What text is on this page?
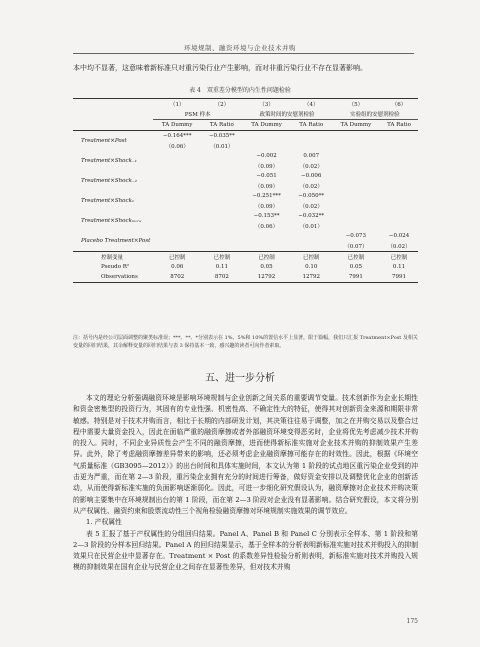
环境规制、融资环境与企业技术并购
本中均不显著，这意味着新标准只对重污染行业产生影响，而对非重污染行业不存在显著影响。
表 4　双重差分模型的内生性问题检验
	（1）	（2）	（3）	（4）	（5）	（6）
	PSM 样本		政策时间的安慰剂检验		实验组的安慰剂检验	
	TA Dummy	TA Ratio	TA Dummy	TA Ratio	TA Dummy	TA Ratio
Treatment×Post	−0.164***	−0.035**				
	（0.06）	（0.01）				
Treatment×Shock₋₁			−0.002	0.007		
			（0.09）	（0.02）		
Treatment×Shock₋₂			−0.051	−0.006		
			（0.09）	（0.02）		
Treatment×Shock₁			−0.251***	−0.050**		
			（0.09）	（0.02）		
Treatment×Shockₘₒᵣₑ			−0.153**	−0.032**		
			（0.06）	（0.01）		
Placebo Treatment×Post					−0.073	−0.024
					（0.07）	（0.02）
控制变量	已控制	已控制	已控制	已控制	已控制	已控制
Pseudo R²	0.06	0.11	0.05	0.10	0.05	0.11
Observations	8702	8702	12792	12792	7991	7991
注：括号内是经公司层面调整的聚类标准误；***、**、*分别表示在 1%、5%和 10%的置信水平上显著，限于篇幅，我们只汇报 Treatment×Post 及相关变量的回归结果，其余解释变量的回归结果与表 3 保持基本一致，感兴趣的读者可向作者索取。
五、进一步分析

本文的理论分析强调融资环境是影响环境规制与企业创新之间关系的重要调节变量。技术创新作为企业长期性和资金密集型的投资行为，其固有的专业性强、机密性高、不确定性大的特征，使得其对创新资金来源和期限非常敏感。特别是对于技术并购而言，相比于长期的内部研发计划，其决策往往易于调整，加之在并购交易以及整合过程中需要大量资金投入，因此在面临严重的融资摩擦或者外部融资环境变得恶劣时，企业将优先考虑减少技术并购的投入。同时，不同企业异质性会产生不同的融资摩擦，进而使得新标准实施对企业技术并购的抑制效果产生差异。此外，除了考虑融资摩擦差异带来的影响，还必须考虑企业融资摩擦可能存在的时效性。因此，根据《环境空气质量标准（GB3095—2012）》的出台时间和具体实施时间，本文认为第 1 阶段的试点地区重污染企业受到的冲击更为严重，而在第 2—3 阶段，重污染企业拥有充分的时间进行筹备，做好资金安排以及调整优化企业的创新活动，从而使得新标准实施的负面影响逐渐弱化。因此，可进一步细化研究假设认为，融资摩擦对企业技术并购决策的影响主要集中在环境规制出台的第 1 阶段，而在第 2—3 阶段对企业没有显著影响。结合研究假设，本文将分别从产权属性、融资约束和股票流动性三个视角检验融资摩擦对环境规制实施效果的调节效应。

1. 产权属性

表 5 汇报了基于产权属性的分组回归结果。Panel A、Panel B 和 Panel C 分别表示全样本、第 1 阶段和第 2—3 阶段的分样本回归结果。Panel A 的回归结果显示，基于全样本的分析表明新标准实施对技术并购投入的抑制效果只在民营企业中显著存在。Treatment × Post 的系数差异性检验分析则表明，新标准实施对技术并购投入规模的抑制效果在国有企业与民营企业之间存在显著性差异，但对技术并购

175
